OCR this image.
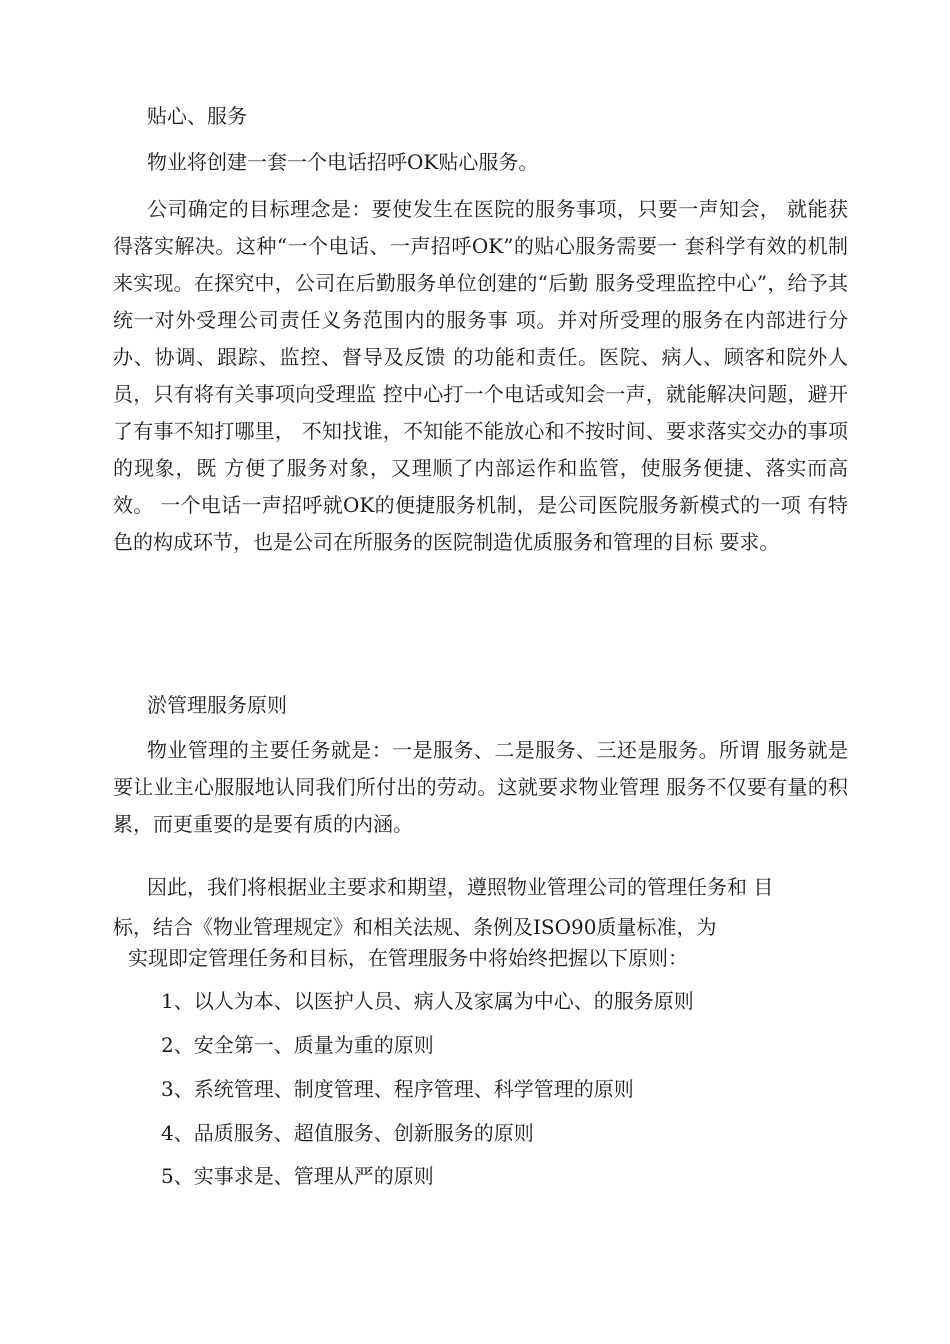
贴心、服务

物业将创建一套一个电话招呼OK贴心服务。

公司确定的目标理念是：要使发生在医院的服务事项，只要一声知会， 就能获得落实解决。这种“一个电话、一声招呼OK”的贴心服务需要一 套科学有效的机制来实现。在探究中，公司在后勤服务单位创建的“后勤 服务受理监控中心”，给予其统一对外受理公司责任义务范围内的服务事 项。并对所受理的服务在内部进行分办、协调、跟踪、监控、督导及反馈 的功能和责任。医院、病人、顾客和院外人员，只有将有关事项向受理监 控中心打一个电话或知会一声，就能解决问题，避开了有事不知打哪里， 不知找谁，不知能不能放心和不按时间、要求落实交办的事项的现象，既 方便了服务对象，又理顺了内部运作和监管，使服务便捷、落实而高效。 一个电话一声招呼就OK的便捷服务机制，是公司医院服务新模式的一项 有特色的构成环节，也是公司在所服务的医院制造优质服务和管理的目标 要求。

淤管理服务原则

物业管理的主要任务就是：一是服务、二是服务、三还是服务。所谓 服务就是要让业主心服服地认同我们所付出的劳动。这就要求物业管理 服务不仅要有量的积累，而更重要的是要有质的内涵。

因此，我们将根据业主要求和期望，遵照物业管理公司的管理任务和 目

标，结合《物业管理规定》和相关法规、条例及ISO90质量标准，为

实现即定管理任务和目标，在管理服务中将始终把握以下原则：

1、以人为本、以医护人员、病人及家属为中心、的服务原则

2、安全第一、质量为重的原则

3、系统管理、制度管理、程序管理、科学管理的原则

4、品质服务、超值服务、创新服务的原则

5、实事求是、管理从严的原则
